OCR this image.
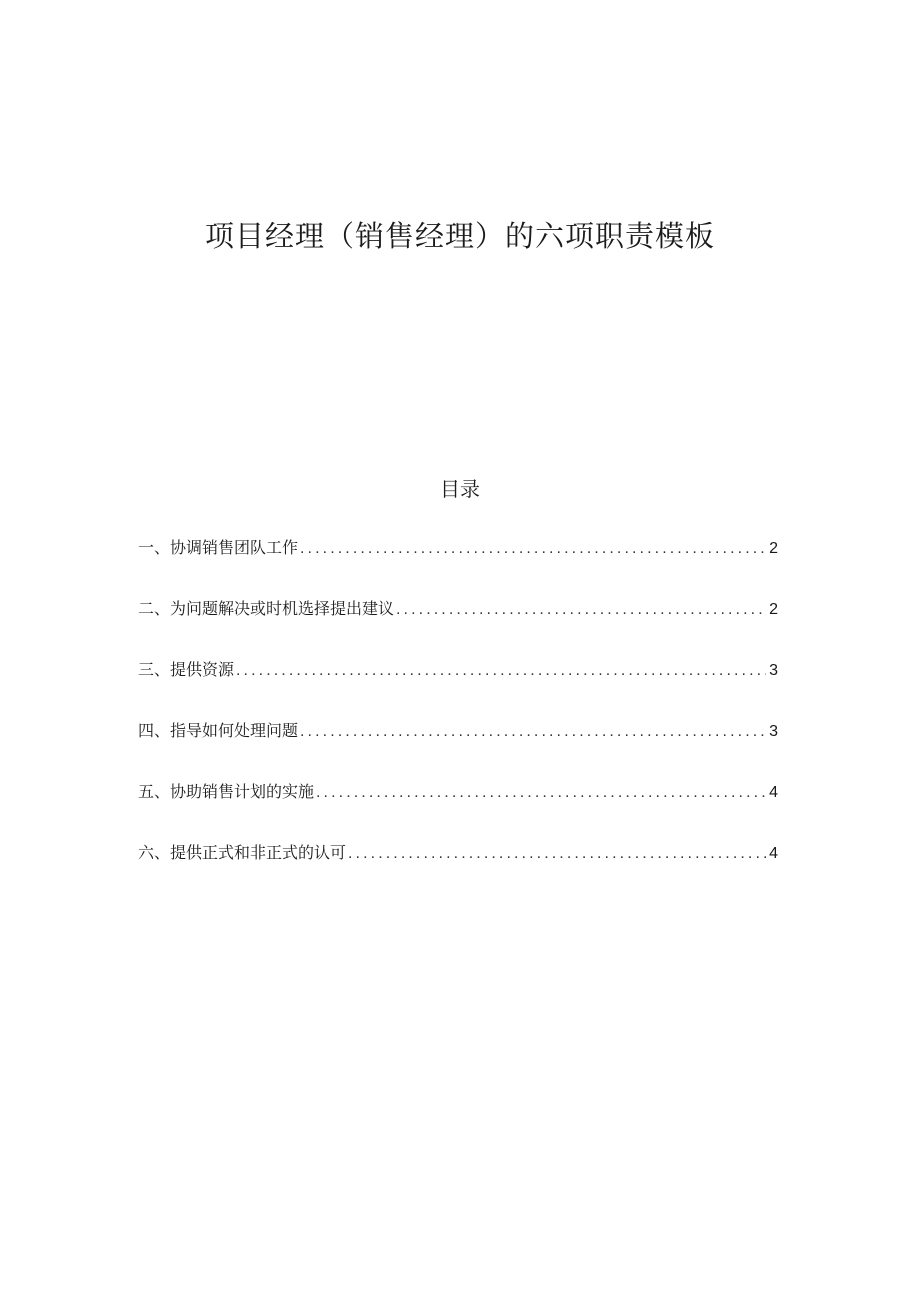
项目经理（销售经理）的六项职责模板
目录
一、协调销售团队工作 .....	2
二、为问题解决或时机选择提出建议 .....	2
三、提供资源 .....	3
四、指导如何处理问题 .....	3
五、协助销售计划的实施 .....	4
六、提供正式和非正式的认可 .....	4
